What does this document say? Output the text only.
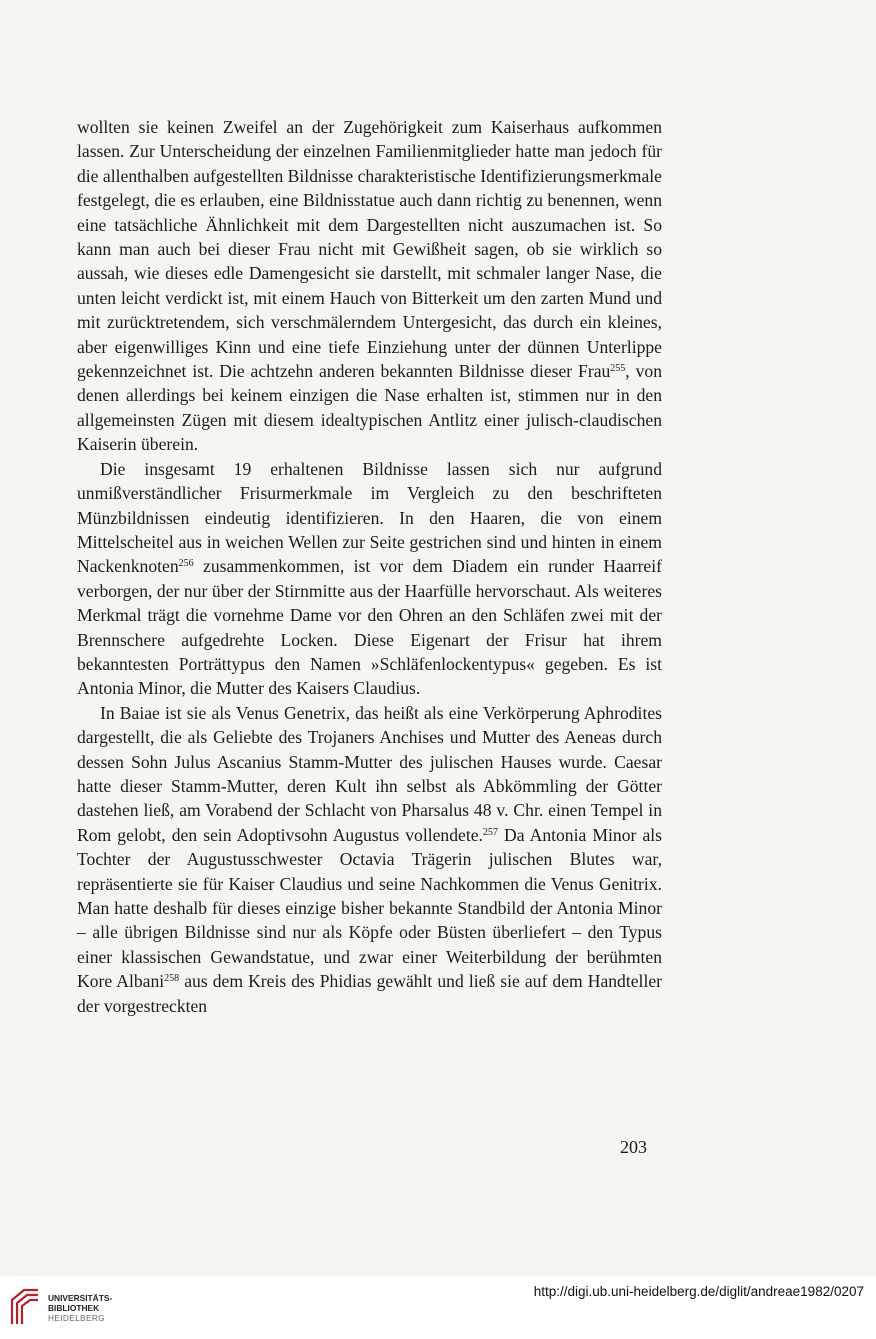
wollten sie keinen Zweifel an der Zugehörigkeit zum Kaiserhaus aufkommen lassen. Zur Unterscheidung der einzelnen Familienmitglieder hatte man jedoch für die allenthalben aufgestellten Bildnisse charakteristische Identifizierungsmerkmale festgelegt, die es erlauben, eine Bildnisstatue auch dann richtig zu benennen, wenn eine tatsächliche Ähnlichkeit mit dem Dargestellten nicht auszumachen ist. So kann man auch bei dieser Frau nicht mit Gewißheit sagen, ob sie wirklich so aussah, wie dieses edle Damengesicht sie darstellt, mit schmaler langer Nase, die unten leicht verdickt ist, mit einem Hauch von Bitterkeit um den zarten Mund und mit zurücktretendem, sich verschmälerndem Untergesicht, das durch ein kleines, aber eigenwilliges Kinn und eine tiefe Einziehung unter der dünnen Unterlippe gekennzeichnet ist. Die achtzehn anderen bekannten Bildnisse dieser Frau$^{255}$, von denen allerdings bei keinem einzigen die Nase erhalten ist, stimmen nur in den allgemeinsten Zügen mit diesem idealtypischen Antlitz einer julisch-claudischen Kaiserin überein.

Die insgesamt 19 erhaltenen Bildnisse lassen sich nur aufgrund unmißverständlicher Frisurmerkmale im Vergleich zu den beschrifteten Münzbildnissen eindeutig identifizieren. In den Haaren, die von einem Mittelscheitel aus in weichen Wellen zur Seite gestrichen sind und hinten in einem Nackenknoten$^{256}$ zusammenkommen, ist vor dem Diadem ein runder Haarreif verborgen, der nur über der Stirnmitte aus der Haarfülle hervorschaut. Als weiteres Merkmal trägt die vornehme Dame vor den Ohren an den Schläfen zwei mit der Brennschere aufgedrehte Locken. Diese Eigenart der Frisur hat ihrem bekanntesten Porträttypus den Namen »Schläfenlockentypus« gegeben. Es ist Antonia Minor, die Mutter des Kaisers Claudius.

In Baiae ist sie als Venus Genetrix, das heißt als eine Verkörperung Aphrodites dargestellt, die als Geliebte des Trojaners Anchises und Mutter des Aeneas durch dessen Sohn Julus Ascanius Stamm-Mutter des julischen Hauses wurde. Caesar hatte dieser Stamm-Mutter, deren Kult ihn selbst als Abkömmling der Götter dastehen ließ, am Vorabend der Schlacht von Pharsalus 48 v. Chr. einen Tempel in Rom gelobt, den sein Adoptivsohn Augustus vollendete.$^{257}$ Da Antonia Minor als Tochter der Augustusschwester Octavia Trägerin julischen Blutes war, repräsentierte sie für Kaiser Claudius und seine Nachkommen die Venus Genitrix. Man hatte deshalb für dieses einzige bisher bekannte Standbild der Antonia Minor – alle übrigen Bildnisse sind nur als Köpfe oder Büsten überliefert – den Typus einer klassischen Gewandstatue, und zwar einer Weiterbildung der berühmten Kore Albani$^{258}$ aus dem Kreis des Phidias gewählt und ließ sie auf dem Handteller der vorgestreckten

203
UNIVERSITÄTS-
BIBLIOTHEK
HEIDELBERG
http://digi.ub.uni-heidelberg.de/diglit/andreae1982/0207
